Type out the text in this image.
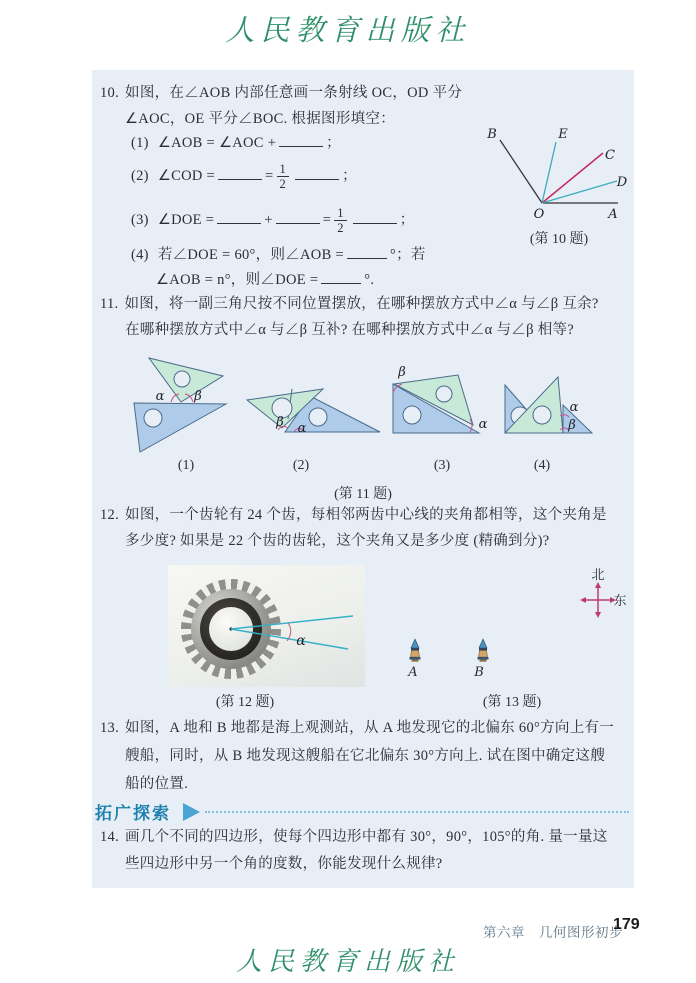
人民教育出版社
10. 如图，在∠AOB 内部任意画一条射线 OC，OD 平分
∠AOC，OE 平分∠BOC. 根据图形填空：
(1) ∠AOB = ∠AOC +	；
(2) ∠COD =	= $\frac{1}{2}$	；
(3) ∠DOE =	+	= $\frac{1}{2}$	；
(4) 若∠DOE = 60°，则∠AOB =	°；若
∠AOB = n°，则∠DOE =	°.
B	E
C
D
O	A
(第 10 题)
11. 如图，将一副三角尺按不同位置摆放，在哪种摆放方式中∠α 与∠β 互余?
在哪种摆放方式中∠α 与∠β 互补? 在哪种摆放方式中∠α 与∠β 相等?
α β
β α
β
α
α
β
(1)	(2)	(3)	(4)
(第 11 题)
12. 如图，一个齿轮有 24 个齿，每相邻两齿中心线的夹角都相等，这个夹角是
多少度? 如果是 22 个齿的齿轮，这个夹角又是多少度 (精确到分)?
α
(第 12 题)
北
东
A	B
(第 13 题)
13. 如图，A 地和 B 地都是海上观测站，从 A 地发现它的北偏东 60°方向上有一
艘船，同时，从 B 地发现这艘船在它北偏东 30°方向上. 试在图中确定这艘
船的位置.
拓广探索
14. 画几个不同的四边形，使每个四边形中都有 30°，90°，105°的角. 量一量这
些四边形中另一个角的度数，你能发现什么规律?
第六章　几何图形初步
179
人民教育出版社
